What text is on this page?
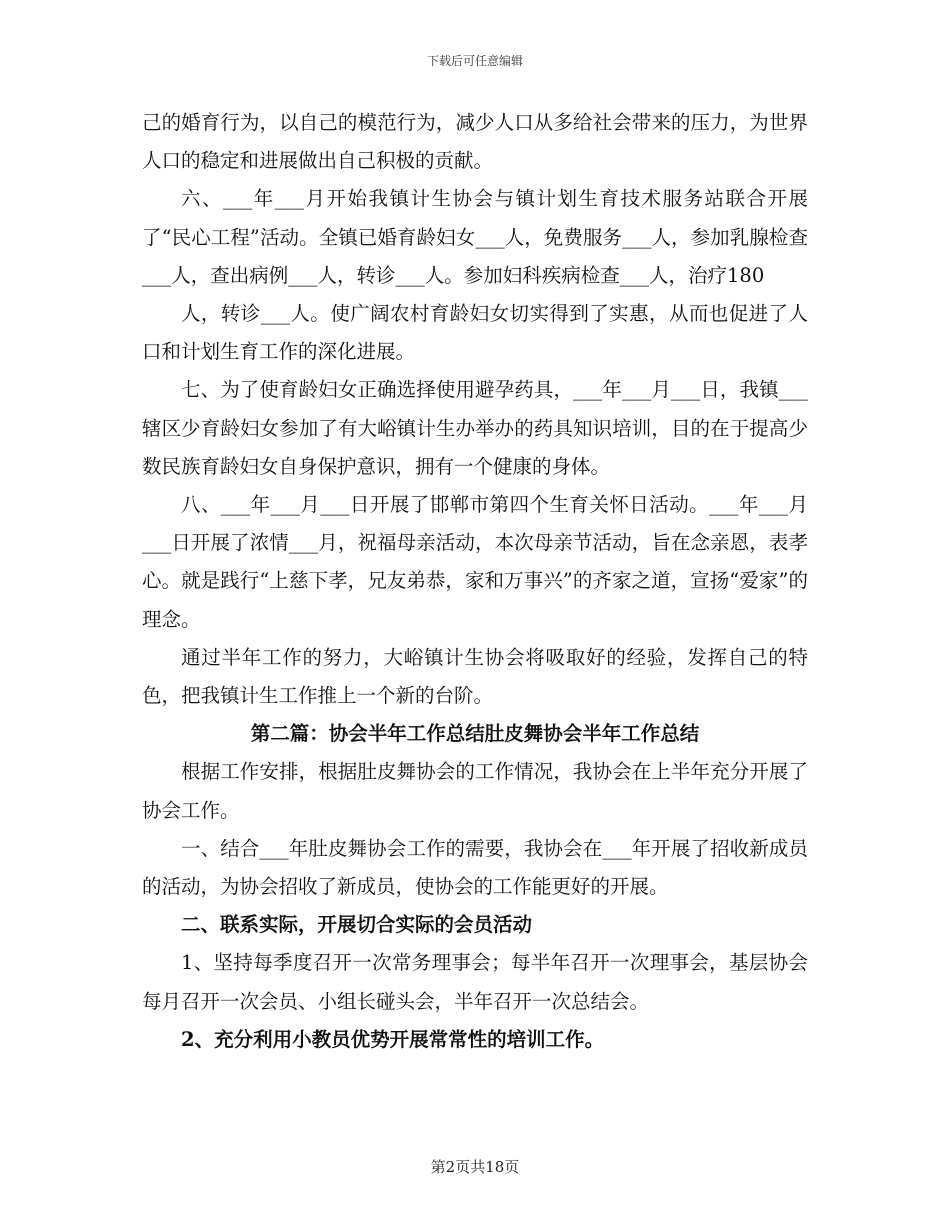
下载后可任意编辑

己的婚育行为，以自己的模范行为，减少人口从多给社会带来的压力，为世界人口的稳定和进展做出自己积极的贡献。

六、___年___月开始我镇计生协会与镇计划生育技术服务站联合开展了“民心工程”活动。全镇已婚育龄妇女___人，免费服务___人，参加乳腺检查___人，查出病例___人，转诊___人。参加妇科疾病检查___人，治疗180

人，转诊___人。使广阔农村育龄妇女切实得到了实惠，从而也促进了人口和计划生育工作的深化进展。

七、为了使育龄妇女正确选择使用避孕药具，___年___月___日，我镇___辖区少育龄妇女参加了有大峪镇计生办举办的药具知识培训，目的在于提高少数民族育龄妇女自身保护意识，拥有一个健康的身体。

八、___年___月___日开展了邯郸市第四个生育关怀日活动。___年___月___日开展了浓情___月，祝福母亲活动，本次母亲节活动，旨在念亲恩，表孝心。就是践行“上慈下孝，兄友弟恭，家和万事兴”的齐家之道，宣扬“爱家”的理念。

通过半年工作的努力，大峪镇计生协会将吸取好的经验，发挥自己的特色，把我镇计生工作推上一个新的台阶。

第二篇：协会半年工作总结肚皮舞协会半年工作总结

根据工作安排，根据肚皮舞协会的工作情况，我协会在上半年充分开展了协会工作。

一、结合___年肚皮舞协会工作的需要，我协会在___年开展了招收新成员的活动，为协会招收了新成员，使协会的工作能更好的开展。

二、联系实际，开展切合实际的会员活动

1、坚持每季度召开一次常务理事会；每半年召开一次理事会，基层协会每月召开一次会员、小组长碰头会，半年召开一次总结会。

2、充分利用小教员优势开展常常性的培训工作。

第2页共18页
